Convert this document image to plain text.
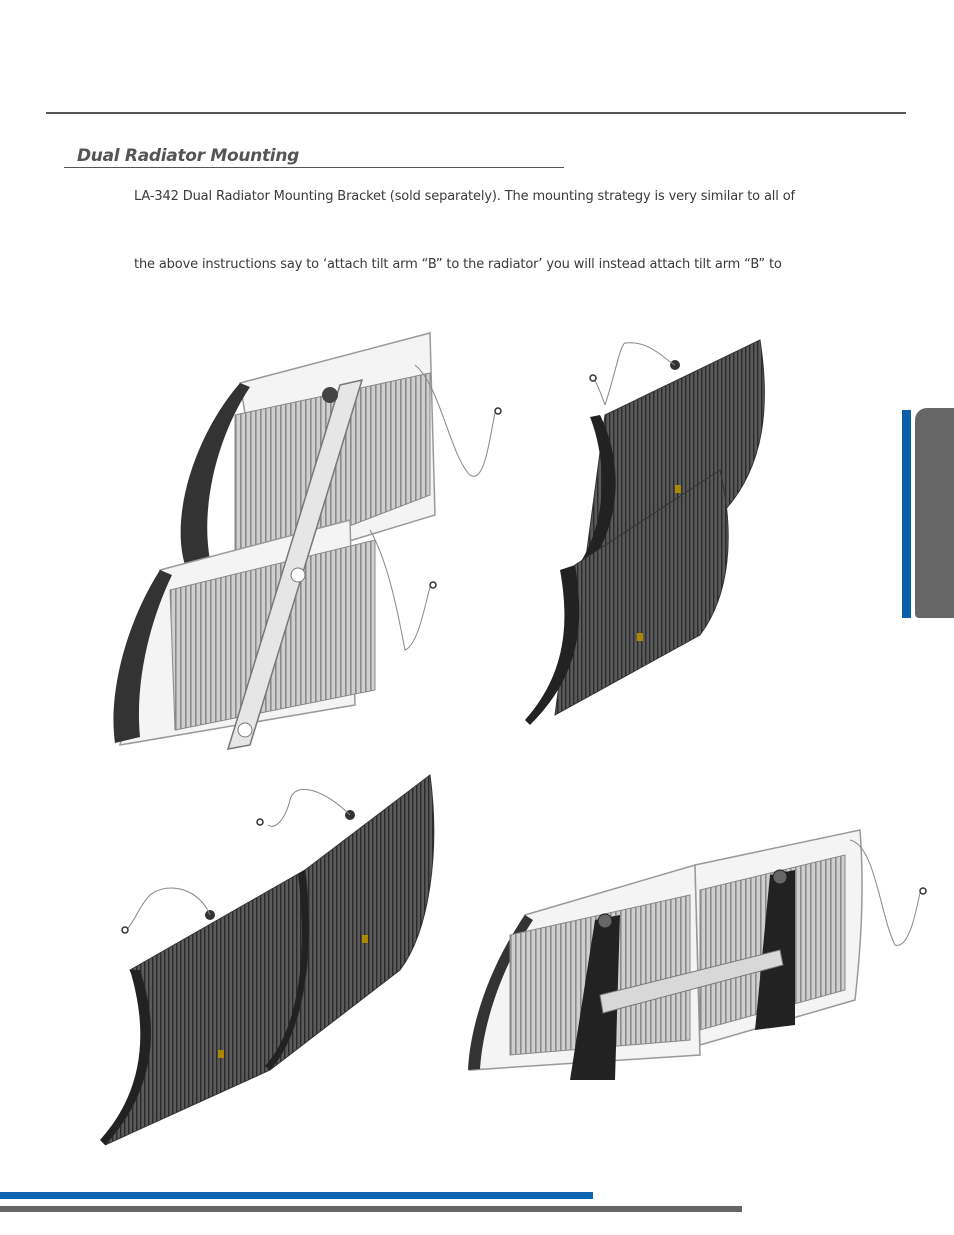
Dual Radiator Mounting
LA-342 Dual Radiator Mounting Bracket (sold separately). The mounting strategy is very similar to all of
the above instructions say to ‘attach tilt arm “B” to the radiator’ you will instead attach tilt arm “B” to
